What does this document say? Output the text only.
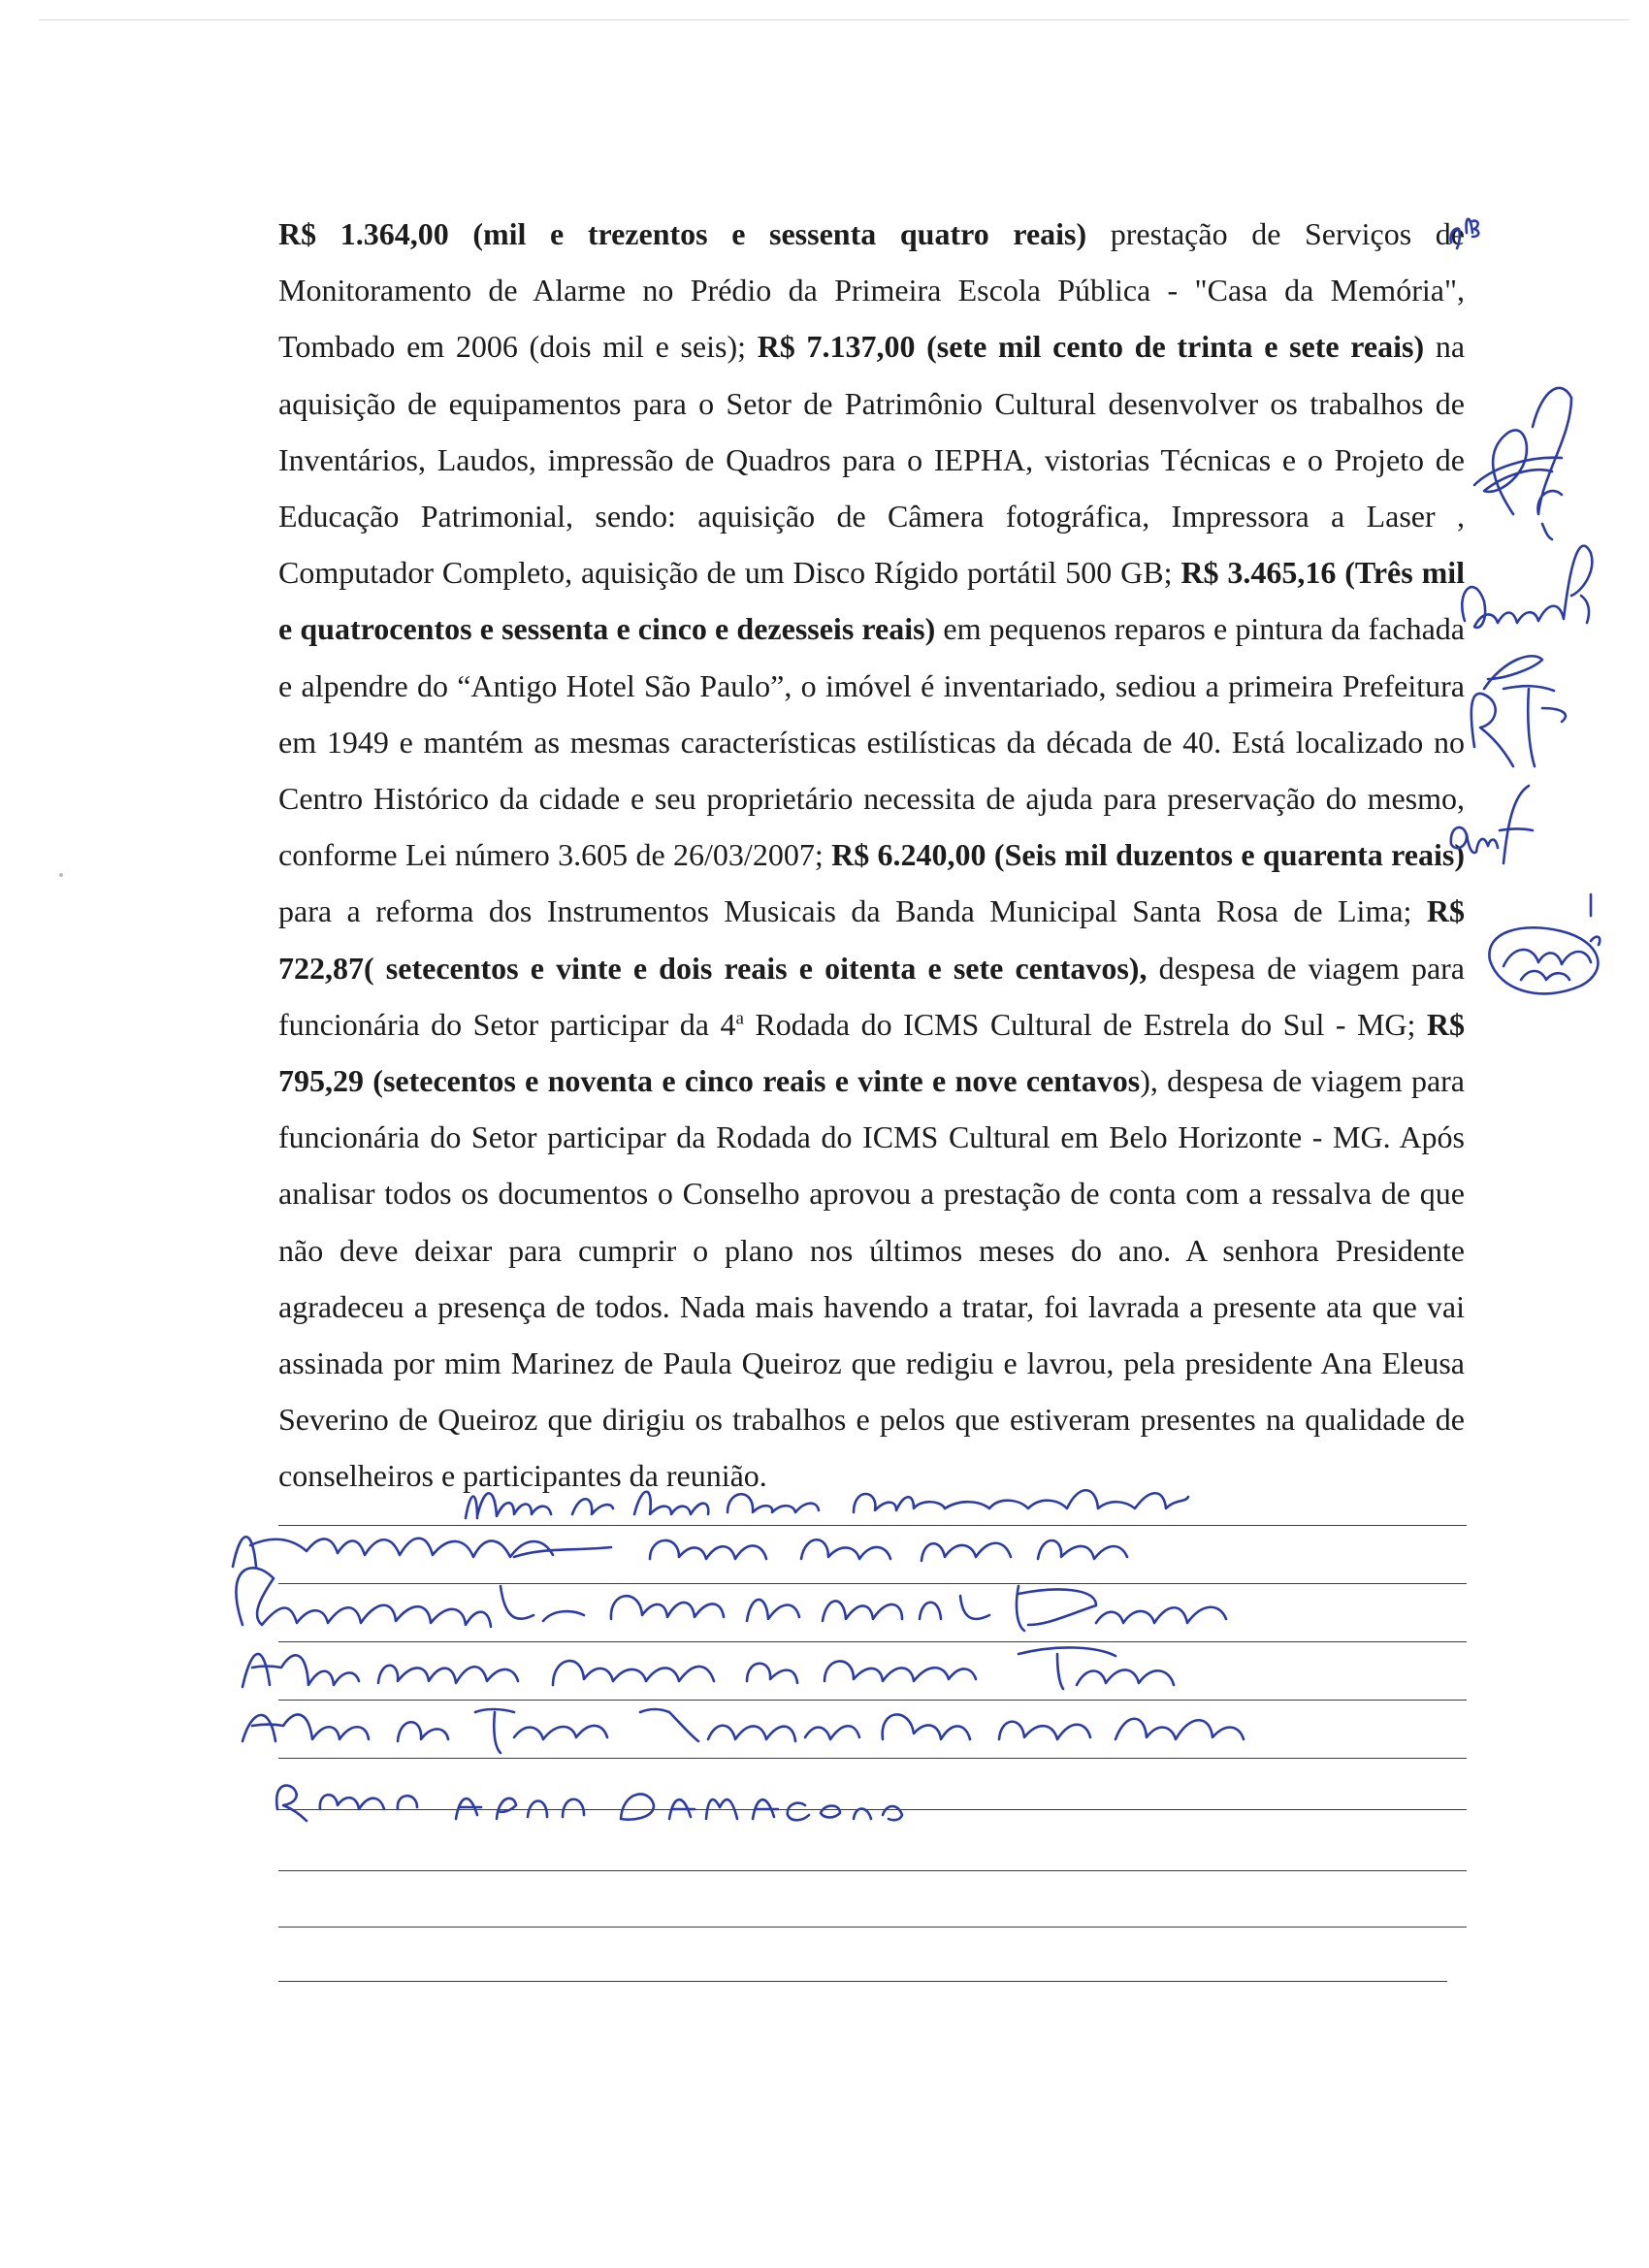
R$ 1.364,00 (mil e trezentos e sessenta quatro reais) prestação de Serviços de Monitoramento de Alarme no Prédio da Primeira Escola Pública - "Casa da Memória", Tombado em 2006 (dois mil e seis); R$ 7.137,00 (sete mil cento de trinta e sete reais) na aquisição de equipamentos para o Setor de Patrimônio Cultural desenvolver os trabalhos de Inventários, Laudos, impressão de Quadros para o IEPHA, vistorias Técnicas e o Projeto de Educação Patrimonial, sendo: aquisição de Câmera fotográfica, Impressora a Laser , Computador Completo, aquisição de um Disco Rígido portátil 500 GB; R$ 3.465,16 (Três mil e quatrocentos e sessenta e cinco e dezesseis reais) em pequenos reparos e pintura da fachada e alpendre do “Antigo Hotel São Paulo”, o imóvel é inventariado, sediou a primeira Prefeitura em 1949 e mantém as mesmas características estilísticas da década de 40. Está localizado no Centro Histórico da cidade e seu proprietário necessita de ajuda para preservação do mesmo, conforme Lei número 3.605 de 26/03/2007; R$ 6.240,00 (Seis mil duzentos e quarenta reais) para a reforma dos Instrumentos Musicais da Banda Municipal Santa Rosa de Lima; R$ 722,87( setecentos e vinte e dois reais e oitenta e sete centavos), despesa de viagem para funcionária do Setor participar da 4$^a$ Rodada do ICMS Cultural de Estrela do Sul - MG; R$ 795,29 (setecentos e noventa e cinco reais e vinte e nove centavos), despesa de viagem para funcionária do Setor participar da Rodada do ICMS Cultural em Belo Horizonte - MG. Após analisar todos os documentos o Conselho aprovou a prestação de conta com a ressalva de que não deve deixar para cumprir o plano nos últimos meses do ano. A senhora Presidente agradeceu a presença de todos. Nada mais havendo a tratar, foi lavrada a presente ata que vai assinada por mim Marinez de Paula Queiroz que redigiu e lavrou, pela presidente Ana Eleusa Severino de Queiroz que dirigiu os trabalhos e pelos que estiveram presentes na qualidade de conselheiros e participantes da reunião.
